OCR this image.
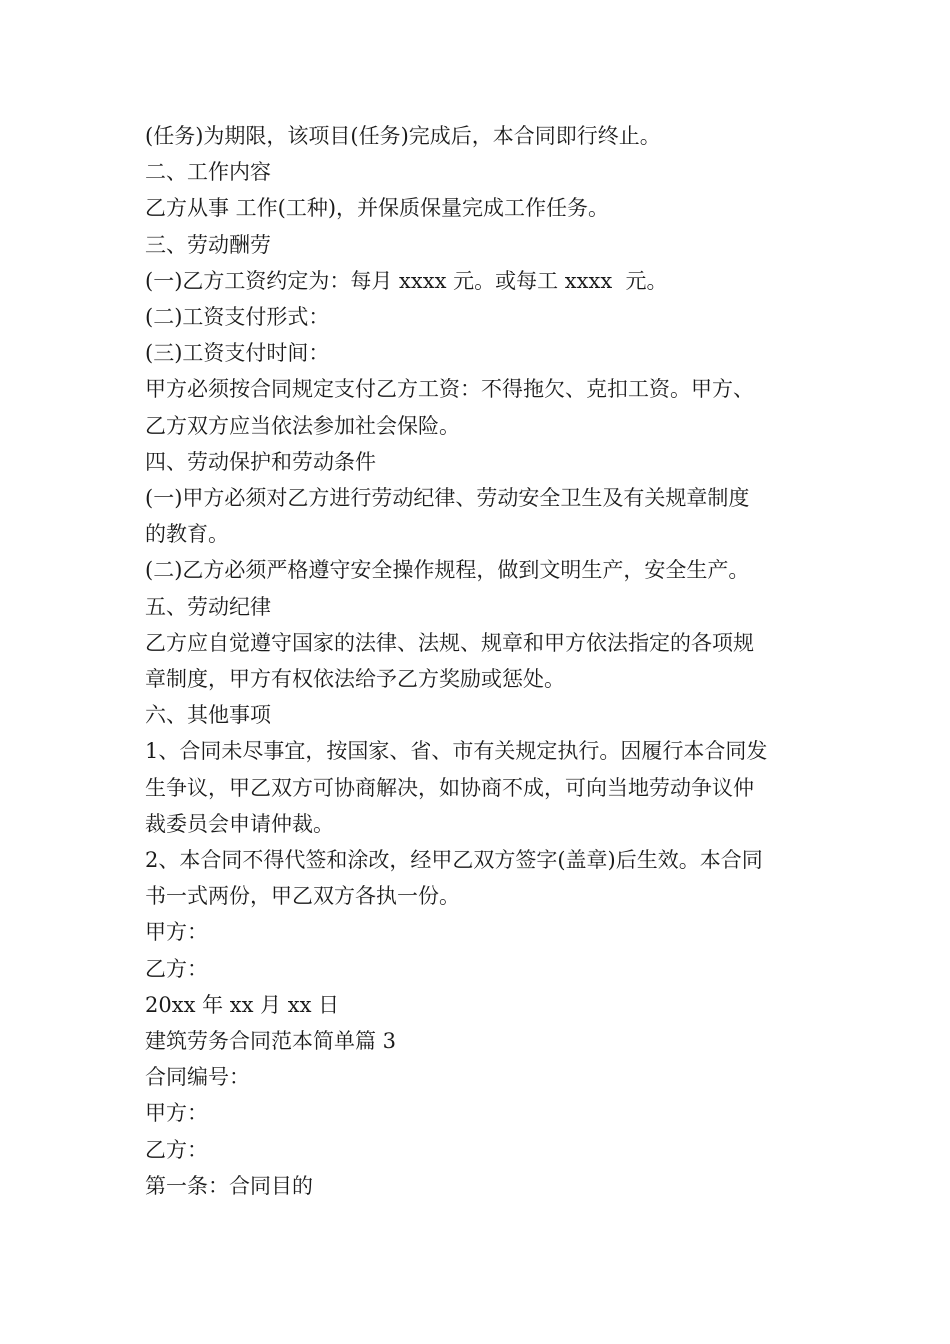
(任务)为期限，该项目(任务)完成后，本合同即行终止。

二、工作内容

乙方从事 工作(工种)，并保质保量完成工作任务。

三、劳动酬劳

(一)乙方工资约定为：每月 xxxx 元。或每工 xxxx  元。

(二)工资支付形式：

(三)工资支付时间：

甲方必须按合同规定支付乙方工资：不得拖欠、克扣工资。甲方、

乙方双方应当依法参加社会保险。

四、劳动保护和劳动条件

(一)甲方必须对乙方进行劳动纪律、劳动安全卫生及有关规章制度

的教育。

(二)乙方必须严格遵守安全操作规程，做到文明生产，安全生产。

五、劳动纪律

乙方应自觉遵守国家的法律、法规、规章和甲方依法指定的各项规

章制度，甲方有权依法给予乙方奖励或惩处。

六、其他事项

1、合同未尽事宜，按国家、省、市有关规定执行。因履行本合同发

生争议，甲乙双方可协商解决，如协商不成，可向当地劳动争议仲

裁委员会申请仲裁。

2、本合同不得代签和涂改，经甲乙双方签字(盖章)后生效。本合同

书一式两份，甲乙双方各执一份。

甲方：

乙方：

20xx 年 xx 月 xx 日

建筑劳务合同范本简单篇 3

合同编号：

甲方：

乙方：

第一条：合同目的
